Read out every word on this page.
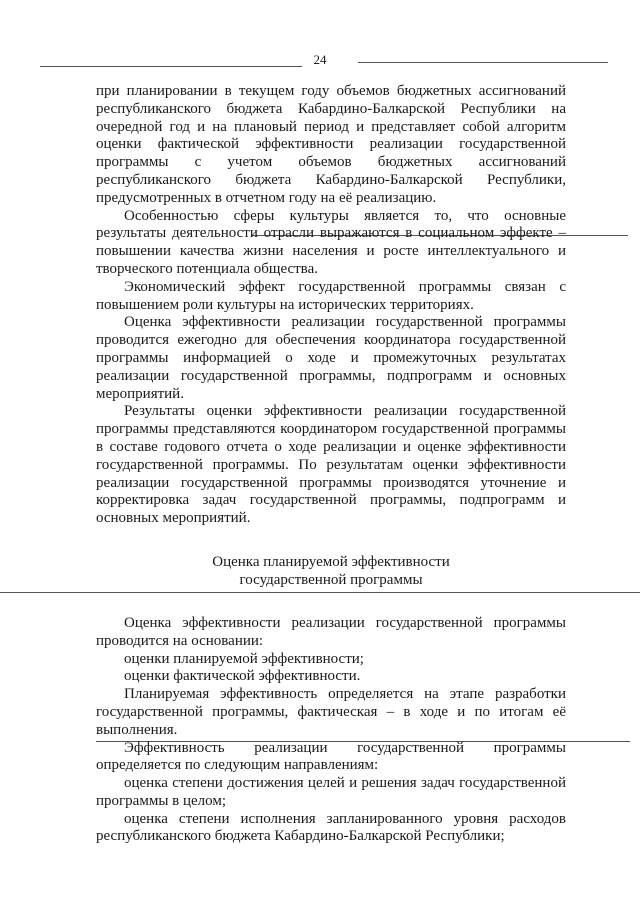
24

при планировании в текущем году объемов бюджетных ассигнований республиканского бюджета Кабардино-Балкарской Республики на очередной год и на плановый период и представляет собой алгоритм оценки фактической эффективности реализации государственной программы с учетом объемов бюджетных ассигнований республиканского бюджета Кабардино-Балкарской Республики, предусмотренных в отчетном году на её реализацию.

Особенностью сферы культуры является то, что основные результаты деятельности отрасли выражаются в социальном эффекте – повышении качества жизни населения и росте интеллектуального и творческого потенциала общества.

Экономический эффект государственной программы связан с повышением роли культуры на исторических территориях.

Оценка эффективности реализации государственной программы проводится ежегодно для обеспечения координатора государственной программы информацией о ходе и промежуточных результатах реализации государственной программы, подпрограмм и основных мероприятий.

Результаты оценки эффективности реализации государственной программы представляются координатором государственной программы в составе годового отчета о ходе реализации и оценке эффективности государственной программы. По результатам оценки эффективности реализации государственной программы производятся уточнение и корректировка задач государственной программы, подпрограмм и основных мероприятий.

Оценка планируемой эффективности
государственной программы

Оценка эффективности реализации государственной программы проводится на основании:

оценки планируемой эффективности;

оценки фактической эффективности.

Планируемая эффективность определяется на этапе разработки государственной программы, фактическая – в ходе и по итогам её выполнения.

Эффективность реализации государственной программы определяется по следующим направлениям:

оценка степени достижения целей и решения задач государственной программы в целом;

оценка степени исполнения запланированного уровня расходов республиканского бюджета Кабардино-Балкарской Республики;
